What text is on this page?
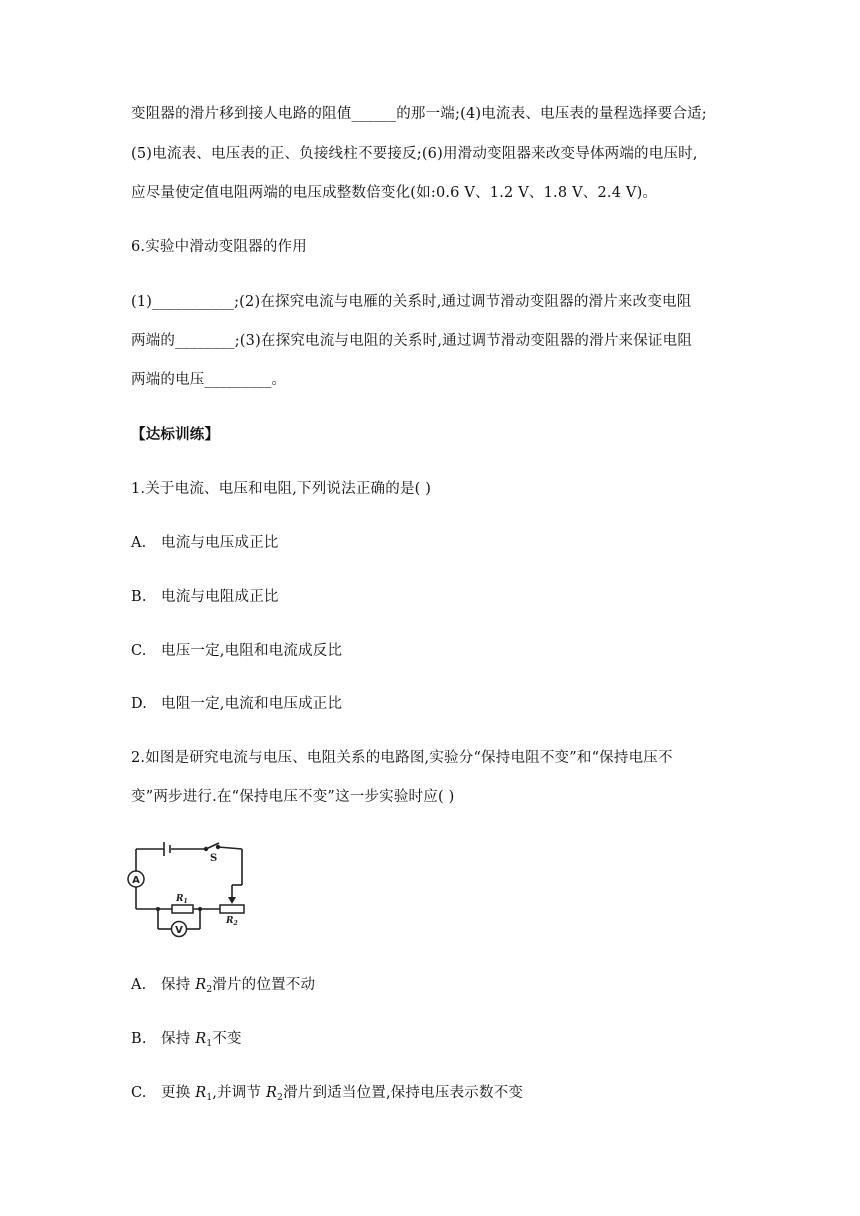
变阻器的滑片移到接人电路的阻值______的那一端;(4)电流表、电压表的量程选择要合适;
(5)电流表、电压表的正、负接线柱不要接反;(6)用滑动变阻器来改变导体两端的电压时,
应尽量使定值电阻两端的电压成整数倍变化(如:0.6 V、1.2 V、1.8 V、2.4 V)。
6.实验中滑动变阻器的作用
(1)___________;(2)在探究电流与电雁的关系时,通过调节滑动变阻器的滑片来改变电阻
两端的________;(3)在探究电流与电阻的关系时,通过调节滑动变阻器的滑片来保证电阻
两端的电压_________。
【达标训练】
1.关于电流、电压和电阻,下列说法正确的是( )
A. 电流与电压成正比
B. 电流与电阻成正比
C. 电压一定,电阻和电流成反比
D. 电阻一定,电流和电压成正比
2.如图是研究电流与电压、电阻关系的电路图,实验分“保持电阻不变”和“保持电压不
变”两步进行.在“保持电压不变”这一步实验时应( )
A
V
S
$R_1$
$R_2$
A. 保持 $R_2$滑片的位置不动
B. 保持 $R_1$不变
C. 更换 $R_1$,并调节 $R_2$滑片到适当位置,保持电压表示数不变
